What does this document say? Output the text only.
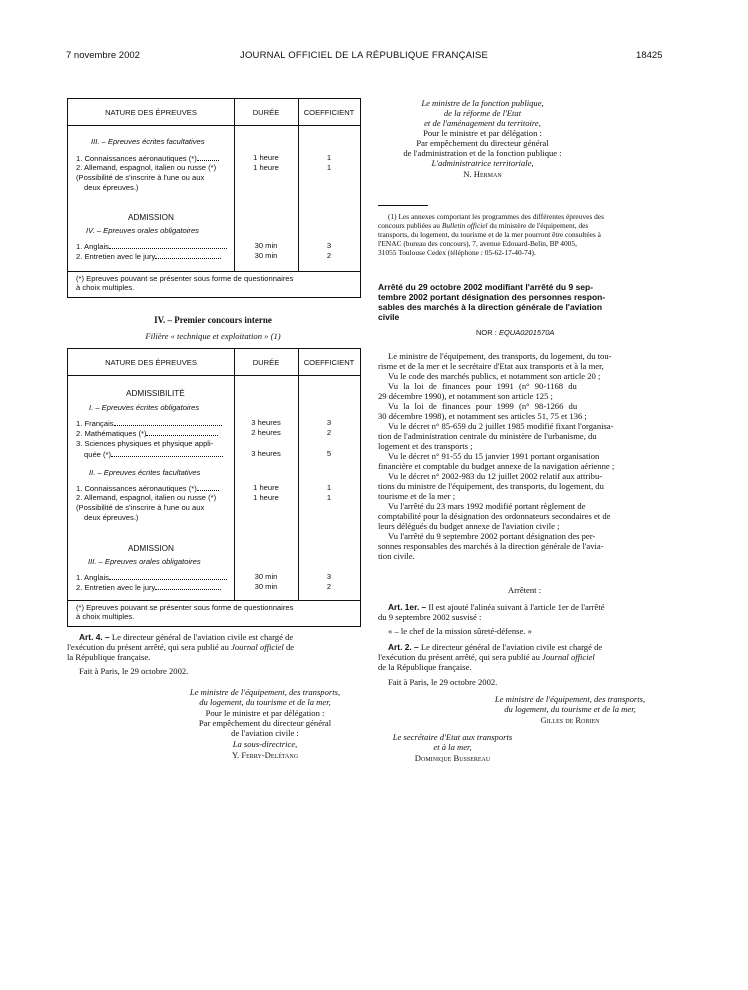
7 novembre 2002	JOURNAL OFFICIEL DE LA RÉPUBLIQUE FRANÇAISE	18425
NATURE DES ÉPREUVES	DURÉE	COEFFICIENT
III. – Epreuves écrites facultatives
1. Connaissances aéronautiques (*)	1 heure	1
2. Allemand, espagnol, italien ou russe (*)	1 heure	1
(Possibilité de s'inscrire à l'une ou aux
deux épreuves.)
ADMISSION
IV. – Epreuves orales obligatoires
1. Anglais	30 min	3
2. Entretien avec le jury	30 min	2
(*) Epreuves pouvant se présenter sous forme de questionnaires
à choix multiples.
IV. – Premier concours interne
Filière « technique et exploitation » (1)
NATURE DES ÉPREUVES	DURÉE	COEFFICIENT
ADMISSIBILITÉ
I. – Epreuves écrites obligatoires
1. Français	3 heures	3
2. Mathématiques (*)	2 heures	2
3. Sciences physiques et physique appli-
quée (*)	3 heures	5
II. – Epreuves écrites facultatives
1. Connaissances aéronautiques (*)	1 heure	1
2. Allemand, espagnol, italien ou russe (*)	1 heure	1
(Possibilité de s'inscrire à l'une ou aux
deux épreuves.)
ADMISSION
III. – Epreuves orales obligatoires
1. Anglais	30 min	3
2. Entretien avec le jury	30 min	2
(*) Epreuves pouvant se présenter sous forme de questionnaires
à choix multiples.
Art. 4. – Le directeur général de l'aviation civile est chargé de
l'exécution du présent arrêté, qui sera publié au Journal officiel de
la République française.
Fait à Paris, le 29 octobre 2002.
Le ministre de l'équipement, des transports,
du logement, du tourisme et de la mer,
Pour le ministre et par délégation :
Par empêchement du directeur général
de l'aviation civile :
La sous-directrice,
Y. Ferry-Delétang
Le ministre de la fonction publique,
de la réforme de l'Etat
et de l'aménagement du territoire,
Pour le ministre et par délégation :
Par empêchement du directeur général
de l'administration et de la fonction publique :
L'administratrice territoriale,
N. Herman
(1) Les annexes comportant les programmes des différentes épreuves des
concours publiées au Bulletin officiel du ministère de l'équipement, des
transports, du logement, du tourisme et de la mer pourront être consultées à
l'ENAC (bureau des concours), 7, avenue Edouard-Belin, BP 4005,
31055 Toulouse Cedex (téléphone : 05-62-17-40-74).
Arrêté du 29 octobre 2002 modifiant l'arrêté du 9 sep-
tembre 2002 portant désignation des personnes respon-
sables des marchés à la direction générale de l'aviation
civile
NOR : EQUA0201570A
Le ministre de l'équipement, des transports, du logement, du tou-
risme et de la mer et le secrétaire d'Etat aux transports et à la mer,
Vu le code des marchés publics, et notamment son article 20 ;
Vu la loi de finances pour 1991 (n° 90-1168 du
29 décembre 1990), et notamment son article 125 ;
Vu la loi de finances pour 1999 (n° 98-1266 du
30 décembre 1998), et notamment ses articles 51, 75 et 136 ;
Vu le décret n° 85-659 du 2 juillet 1985 modifié fixant l'organisa-
tion de l'administration centrale du ministère de l'urbanisme, du
logement et des transports ;
Vu le décret n° 91-55 du 15 janvier 1991 portant organisation
financière et comptable du budget annexe de la navigation aérienne ;
Vu le décret n° 2002-983 du 12 juillet 2002 relatif aux attribu-
tions du ministre de l'équipement, des transports, du logement, du
tourisme et de la mer ;
Vu l'arrêté du 23 mars 1992 modifié portant règlement de
comptabilité pour la désignation des ordonnateurs secondaires et de
leurs délégués du budget annexe de l'aviation civile ;
Vu l'arrêté du 9 septembre 2002 portant désignation des per-
sonnes responsables des marchés à la direction générale de l'avia-
tion civile.
Arrêtent :
Art. 1er. – Il est ajouté l'alinéa suivant à l'article 1er de l'arrêté
du 9 septembre 2002 susvisé :
« – le chef de la mission sûreté-défense. »
Art. 2. – Le directeur général de l'aviation civile est chargé de
l'exécution du présent arrêté, qui sera publié au Journal officiel
de la République française.
Fait à Paris, le 29 octobre 2002.
Le ministre de l'équipement, des transports,
du logement, du tourisme et de la mer,
Gilles de Robien
Le secrétaire d'Etat aux transports
et à la mer,
Dominique Bussereau
